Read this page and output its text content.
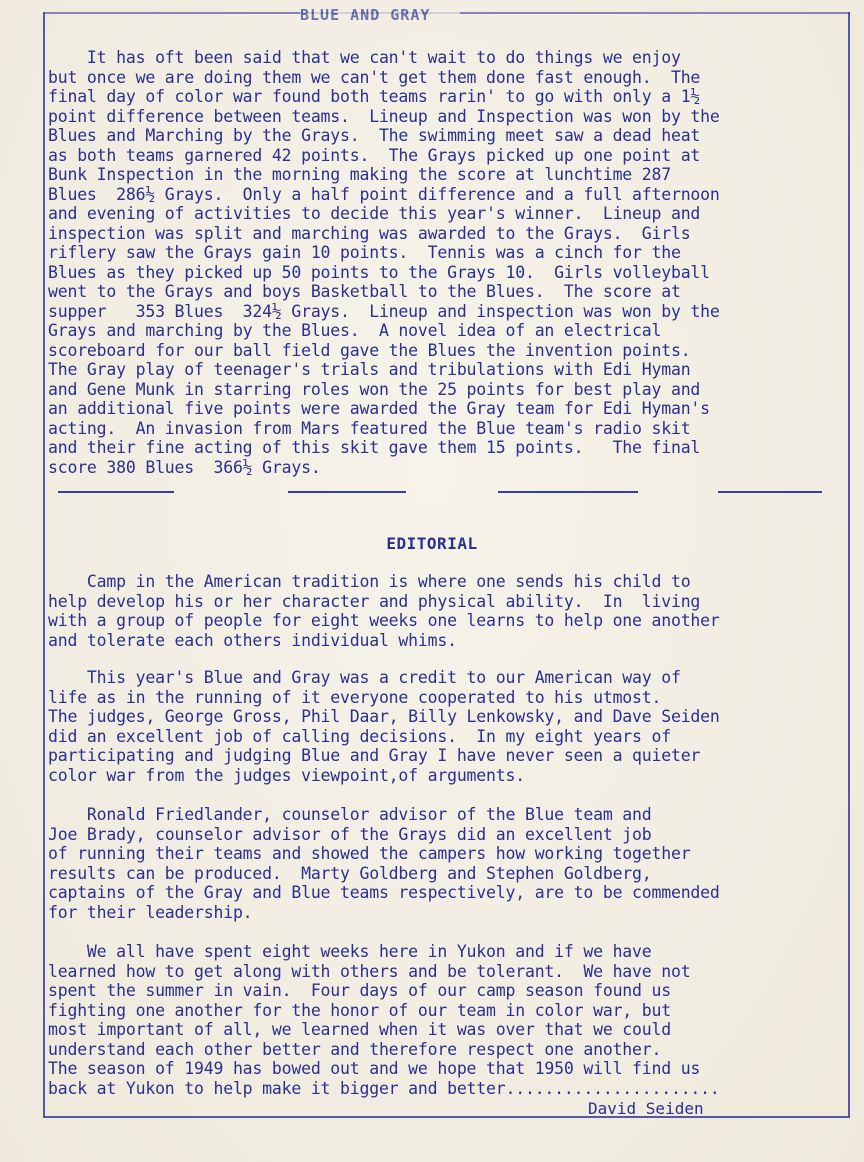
BLUE AND GRAY
It has oft been said that we can't wait to do things we enjoy
but once we are doing them we can't get them done fast enough.  The
final day of color war found both teams rarin' to go with only a 1½
point difference between teams.  Lineup and Inspection was won by the
Blues and Marching by the Grays.  The swimming meet saw a dead heat
as both teams garnered 42 points.  The Grays picked up one point at
Bunk Inspection in the morning making the score at lunchtime 287
Blues  286½ Grays.  Only a half point difference and a full afternoon
and evening of activities to decide this year's winner.  Lineup and
inspection was split and marching was awarded to the Grays.  Girls
riflery saw the Grays gain 10 points.  Tennis was a cinch for the
Blues as they picked up 50 points to the Grays 10.  Girls volleyball
went to the Grays and boys Basketball to the Blues.  The score at
supper   353 Blues  324½ Grays.  Lineup and inspection was won by the
Grays and marching by the Blues.  A novel idea of an electrical
scoreboard for our ball field gave the Blues the invention points.
The Gray play of teenager's trials and tribulations with Edi Hyman
and Gene Munk in starring roles won the 25 points for best play and
an additional five points were awarded the Gray team for Edi Hyman's
acting.  An invasion from Mars featured the Blue team's radio skit
and their fine acting of this skit gave them 15 points.   The final
score 380 Blues  366½ Grays.
EDITORIAL
Camp in the American tradition is where one sends his child to
help develop his or her character and physical ability.  In  living
with a group of people for eight weeks one learns to help one another
and tolerate each others individual whims.
This year's Blue and Gray was a credit to our American way of
life as in the running of it everyone cooperated to his utmost.
The judges, George Gross, Phil Daar, Billy Lenkowsky, and Dave Seiden
did an excellent job of calling decisions.  In my eight years of
participating and judging Blue and Gray I have never seen a quieter
color war from the judges viewpoint,of arguments.
Ronald Friedlander, counselor advisor of the Blue team and
Joe Brady, counselor advisor of the Grays did an excellent job
of running their teams and showed the campers how working together
results can be produced.  Marty Goldberg and Stephen Goldberg,
captains of the Gray and Blue teams respectively, are to be commended
for their leadership.
We all have spent eight weeks here in Yukon and if we have
learned how to get along with others and be tolerant.  We have not
spent the summer in vain.  Four days of our camp season found us
fighting one another for the honor of our team in color war, but
most important of all, we learned when it was over that we could
understand each other better and therefore respect one another.
The season of 1949 has bowed out and we hope that 1950 will find us
back at Yukon to help make it bigger and better......................
David Seiden
